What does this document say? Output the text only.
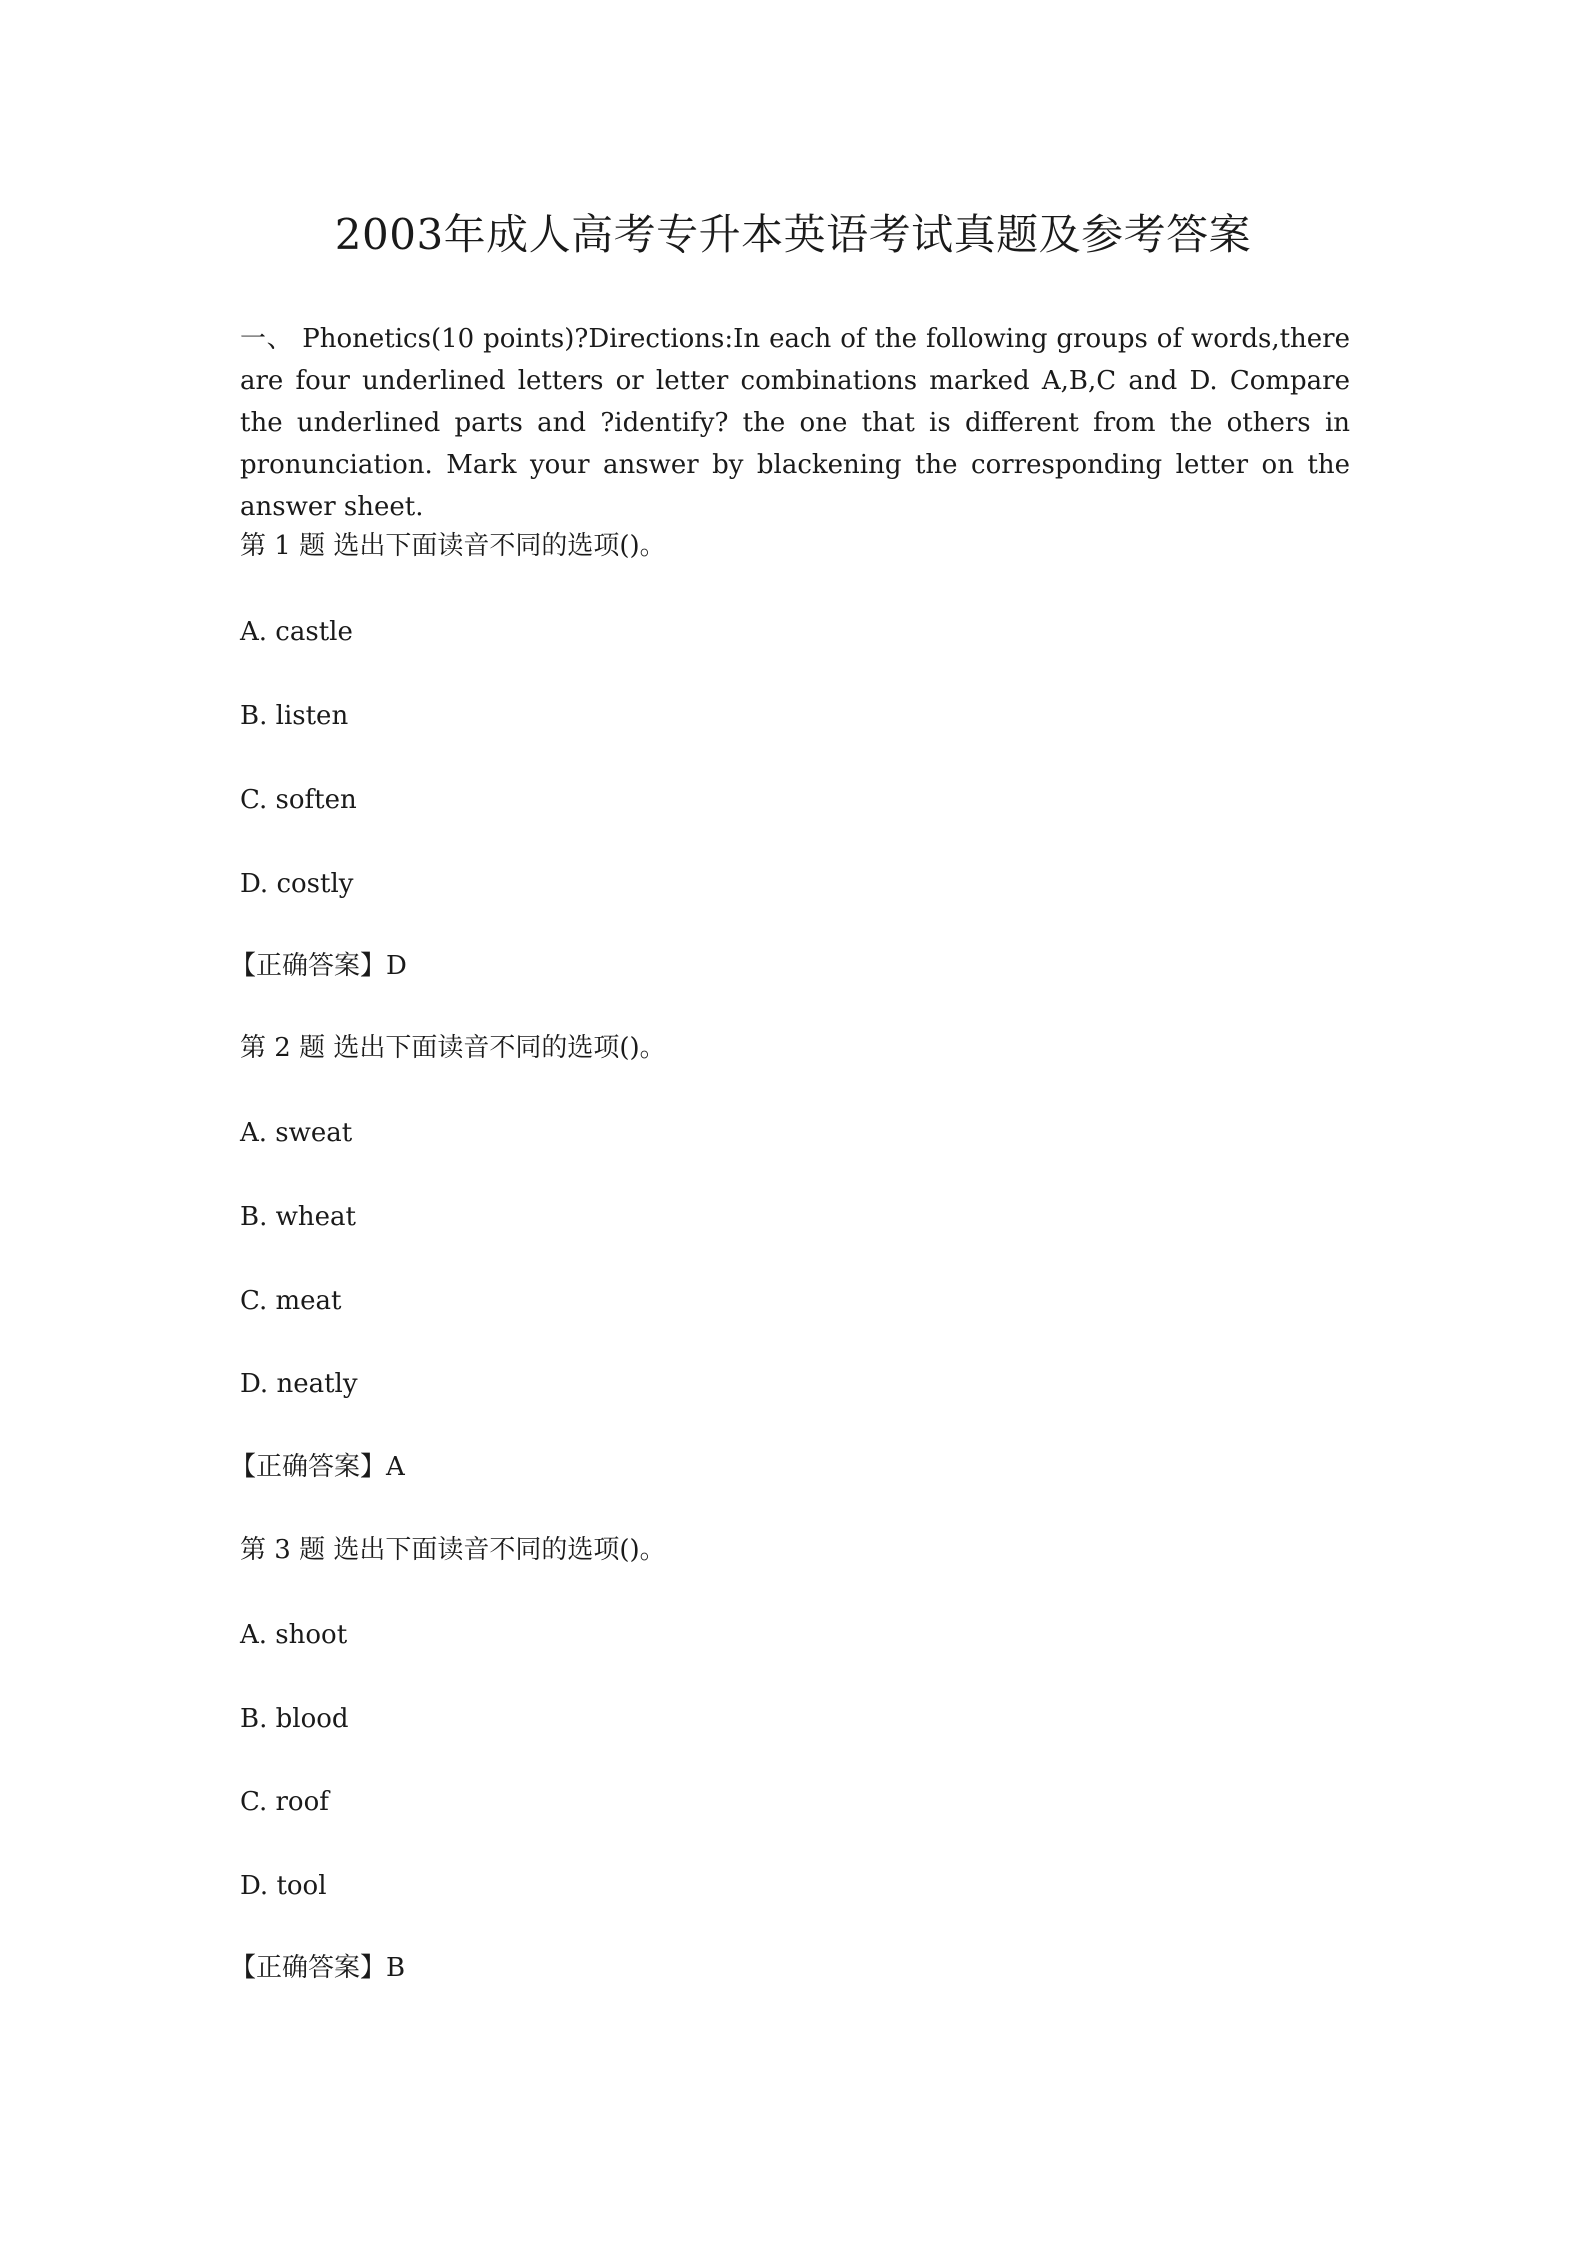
2003年成人高考专升本英语考试真题及参考答案

一、 Phonetics(10 points)?Directions:In each of the following groups of words,there are four underlined letters or letter combinations marked A,B,C and D. Compare the underlined parts and ?identify? the one that is different from the others in pronunciation. Mark your answer by blackening the corresponding letter on the answer sheet.

第 1 题 选出下面读音不同的选项()。

A. castle

B. listen

C. soften

D. costly

【正确答案】D

第 2 题 选出下面读音不同的选项()。

A. sweat

B. wheat

C. meat

D. neatly

【正确答案】A

第 3 题 选出下面读音不同的选项()。

A. shoot

B. blood

C. roof

D. tool

【正确答案】B
